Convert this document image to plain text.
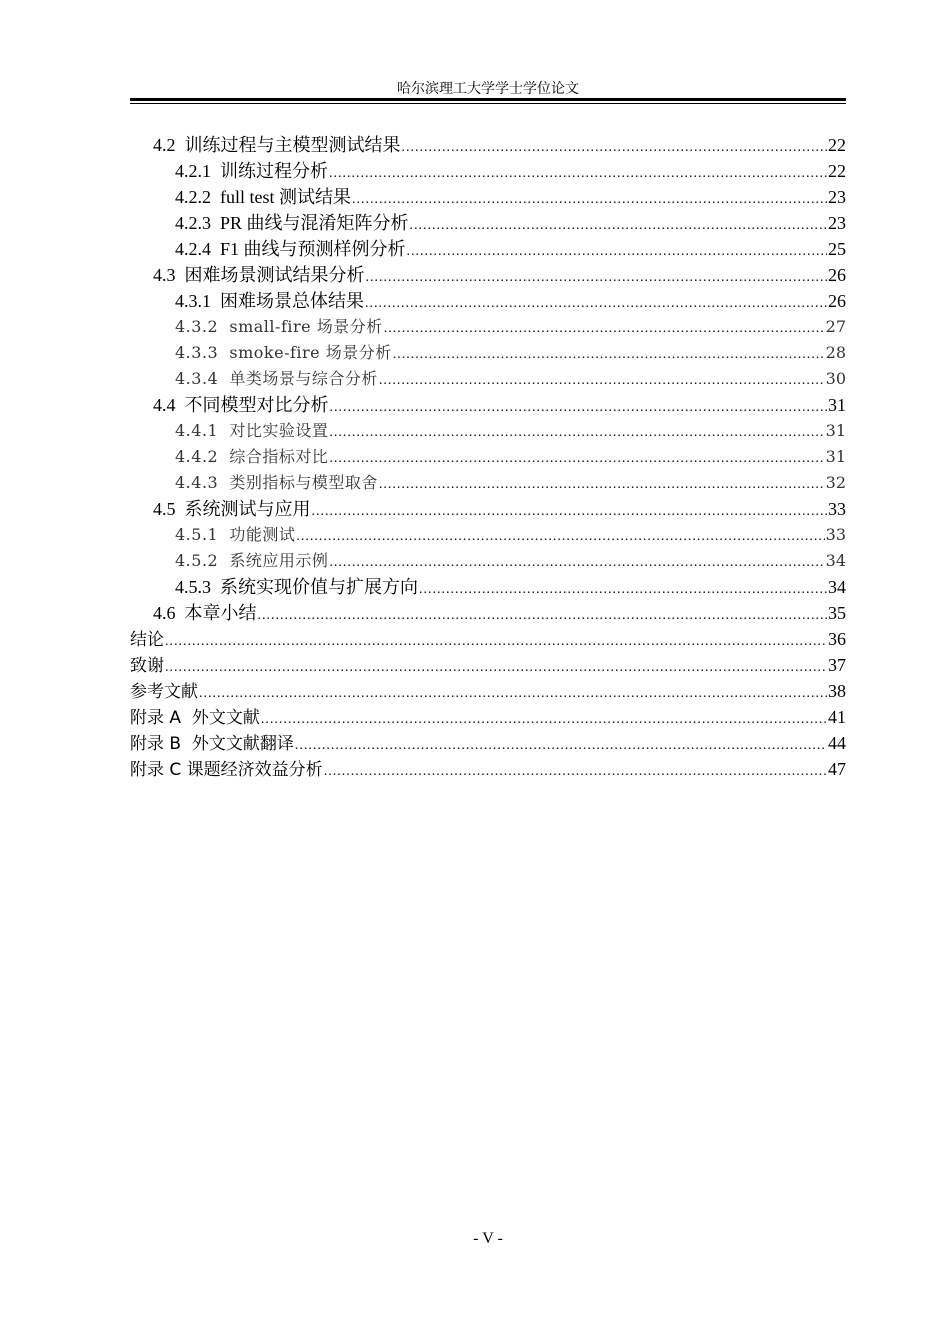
哈尔滨理工大学学士学位论文
4.2  训练过程与主模型测试结果 .....	22
4.2.1  训练过程分析 .....	22
4.2.2  full test 测试结果 .....	23
4.2.3  PR 曲线与混淆矩阵分析 .....	23
4.2.4  F1 曲线与预测样例分析 .....	25
4.3  困难场景测试结果分析 .....	26
4.3.1  困难场景总体结果 .....	26
4.3.2  small-fire 场景分析 .....	27
4.3.3  smoke-fire 场景分析 .....	28
4.3.4  单类场景与综合分析 .....	30
4.4  不同模型对比分析 .....	31
4.4.1  对比实验设置 .....	31
4.4.2  综合指标对比 .....	31
4.4.3  类别指标与模型取舍 .....	32
4.5  系统测试与应用 .....	33
4.5.1  功能测试 .....	33
4.5.2  系统应用示例 .....	34
4.5.3  系统实现价值与扩展方向 .....	34
4.6  本章小结 .....	35
结论 .....	36
致谢 .....	37
参考文献 .....	38
附录 A  外文文献 .....	41
附录 B  外文文献翻译 .....	44
附录 C 课题经济效益分析 .....	47
- V -
